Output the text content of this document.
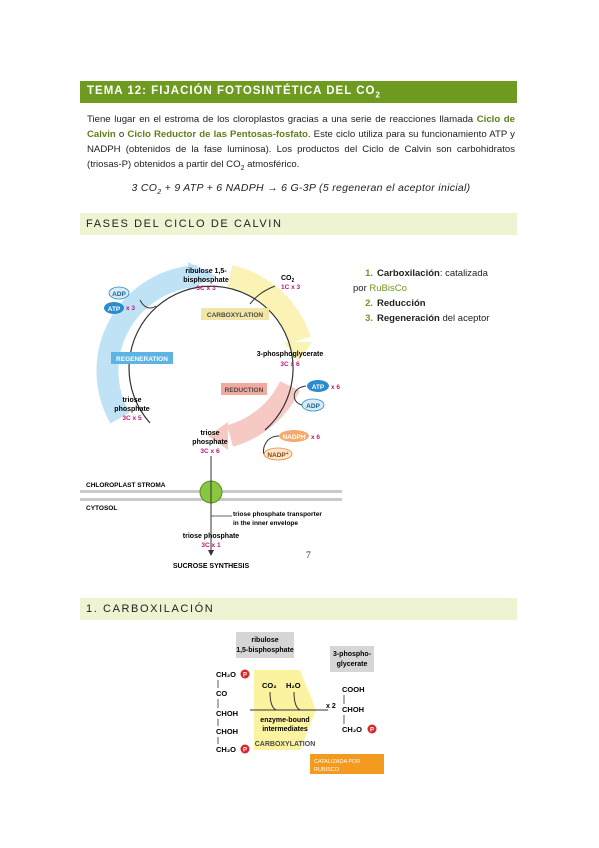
TEMA 12: FIJACIÓN FOTOSINTÉTICA DEL $CO_2$
Tiene lugar en el estroma de los cloroplastos gracias a una serie de reacciones llamada Ciclo de Calvin o Ciclo Reductor de las Pentosas-fosfato. Este ciclo utiliza para su funcionamiento ATP y NADPH (obtenidos de la fase luminosa). Los productos del Ciclo de Calvin son carbohidratos (triosas-P) obtenidos a partir del $CO_2$ atmosférico.
3 $CO_2 + 9$ ATP + 6 NADPH → 6 G-3P (5 regeneran el aceptor inicial)
FASES DEL CICLO DE CALVIN
1. Carboxilación: catalizada
por RuBisCo
2. Reducción
3. Regeneración del aceptor
ribulose 1,5-
bisphosphate
3C x 3
$CO_2$
1C x 3
CARBOXYLATION
3-phosphoglycerate
3C x 6
ATP x 6
ADP
REDUCTION
NADPH x 6
NADP+
REGENERATION
ADP
ATP x 3
triose
phosphate
3C x 5
triose
phosphate
3C x 6
CHLOROPLAST STROMA
CYTOSOL
triose phosphate transporter
in the inner envelope
triose phosphate
3C x 1
SUCROSE SYNTHESIS
7
1. CARBOXILACIÓN
ribulose
1,5-bisphosphate
3-phospho-
glycerate
CH₂O P
CO
CHOH
CHOH
CH₂O P
CO₂ H₂O
enzyme-bound
intermediates
CARBOXYLATION
x 2
COOH
CHOH
CH₂O P
CATALIZADA POR
RUBISCO
